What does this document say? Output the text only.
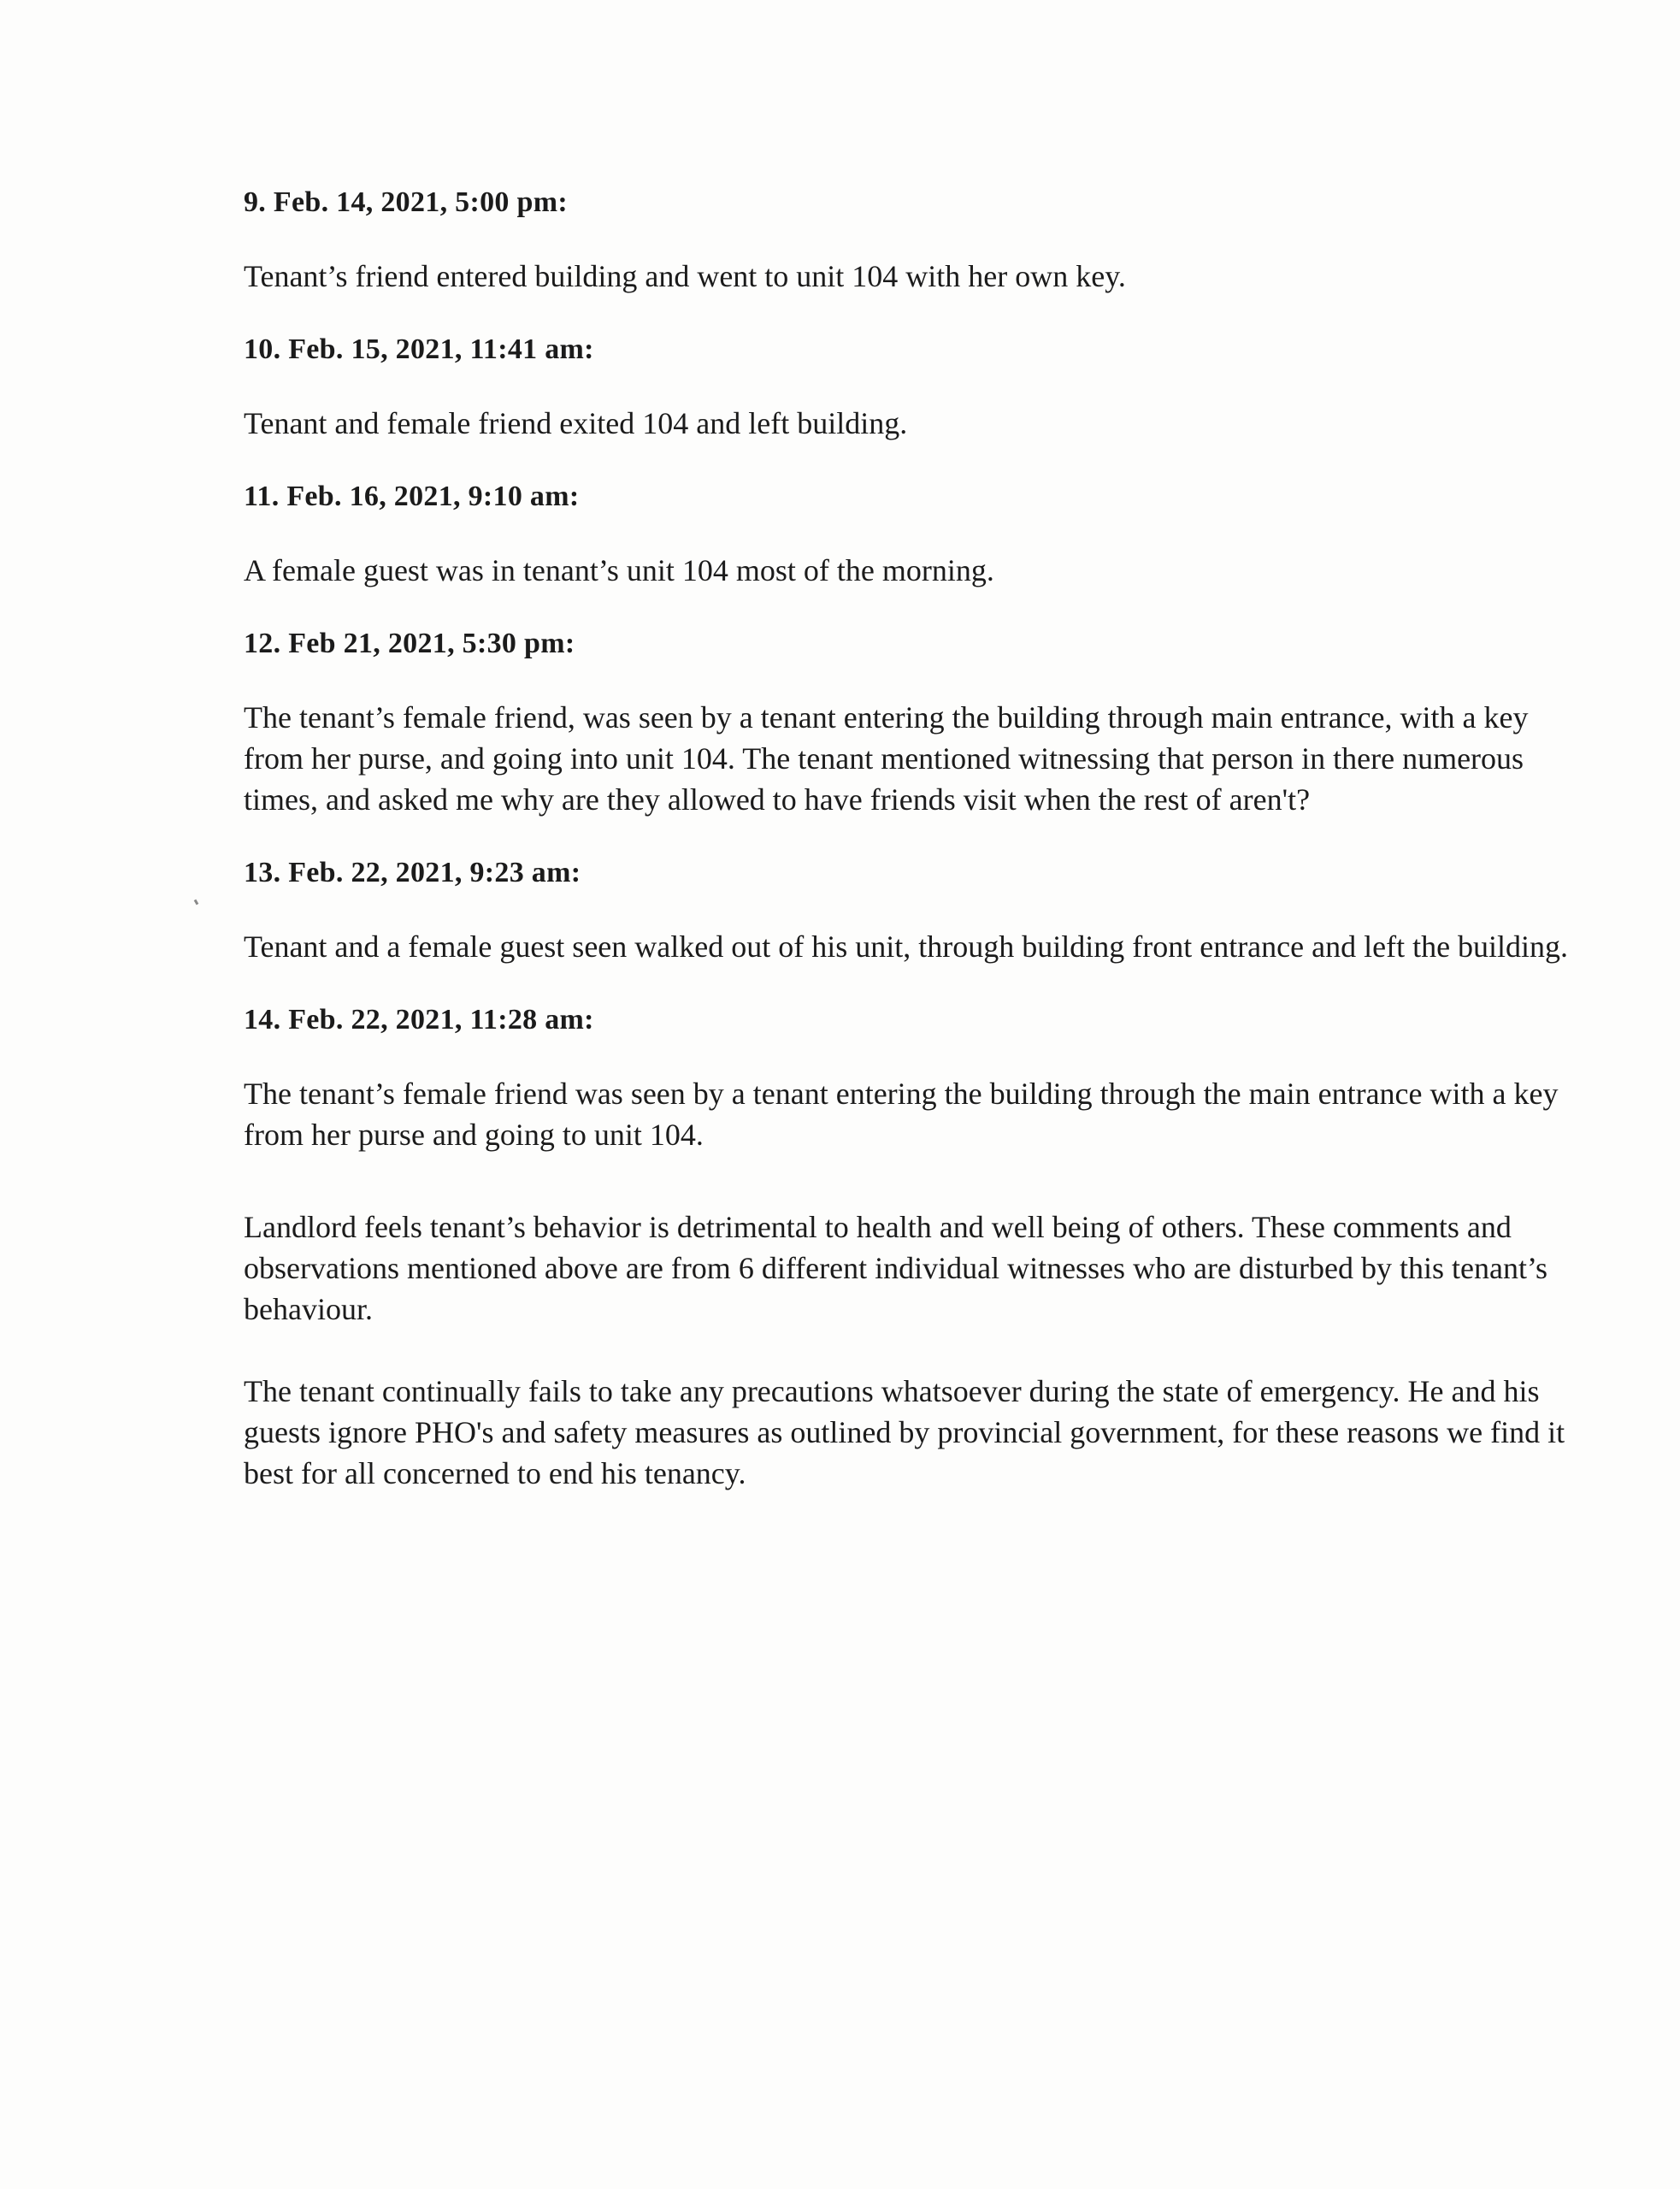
9. Feb. 14, 2021, 5:00 pm:

Tenant’s friend entered building and went to unit 104 with her own key.

10. Feb. 15, 2021, 11:41 am:

Tenant and female friend exited 104 and left building.

11. Feb. 16, 2021, 9:10 am:

A female guest was in tenant’s unit 104 most of the morning.

12. Feb 21, 2021, 5:30 pm:

The tenant’s female friend, was seen by a tenant entering the building through main entrance, with a key from her purse, and going into unit 104. The tenant mentioned witnessing that person in there numerous times, and asked me why are they allowed to have friends visit when the rest of aren't?

13. Feb. 22, 2021, 9:23 am:

Tenant and a female guest seen walked out of his unit, through building front entrance and left the building.

14. Feb. 22, 2021, 11:28 am:

The tenant’s female friend was seen by a tenant entering the building through the main entrance with a key from her purse and going to unit 104.

Landlord feels tenant’s behavior is detrimental to health and well being of others. These comments and observations mentioned above are from 6 different individual witnesses who are disturbed by this tenant’s behaviour.

The tenant continually fails to take any precautions whatsoever during the state of emergency. He and his guests ignore PHO's and safety measures as outlined by provincial government, for these reasons we find it best for all concerned to end his tenancy.
